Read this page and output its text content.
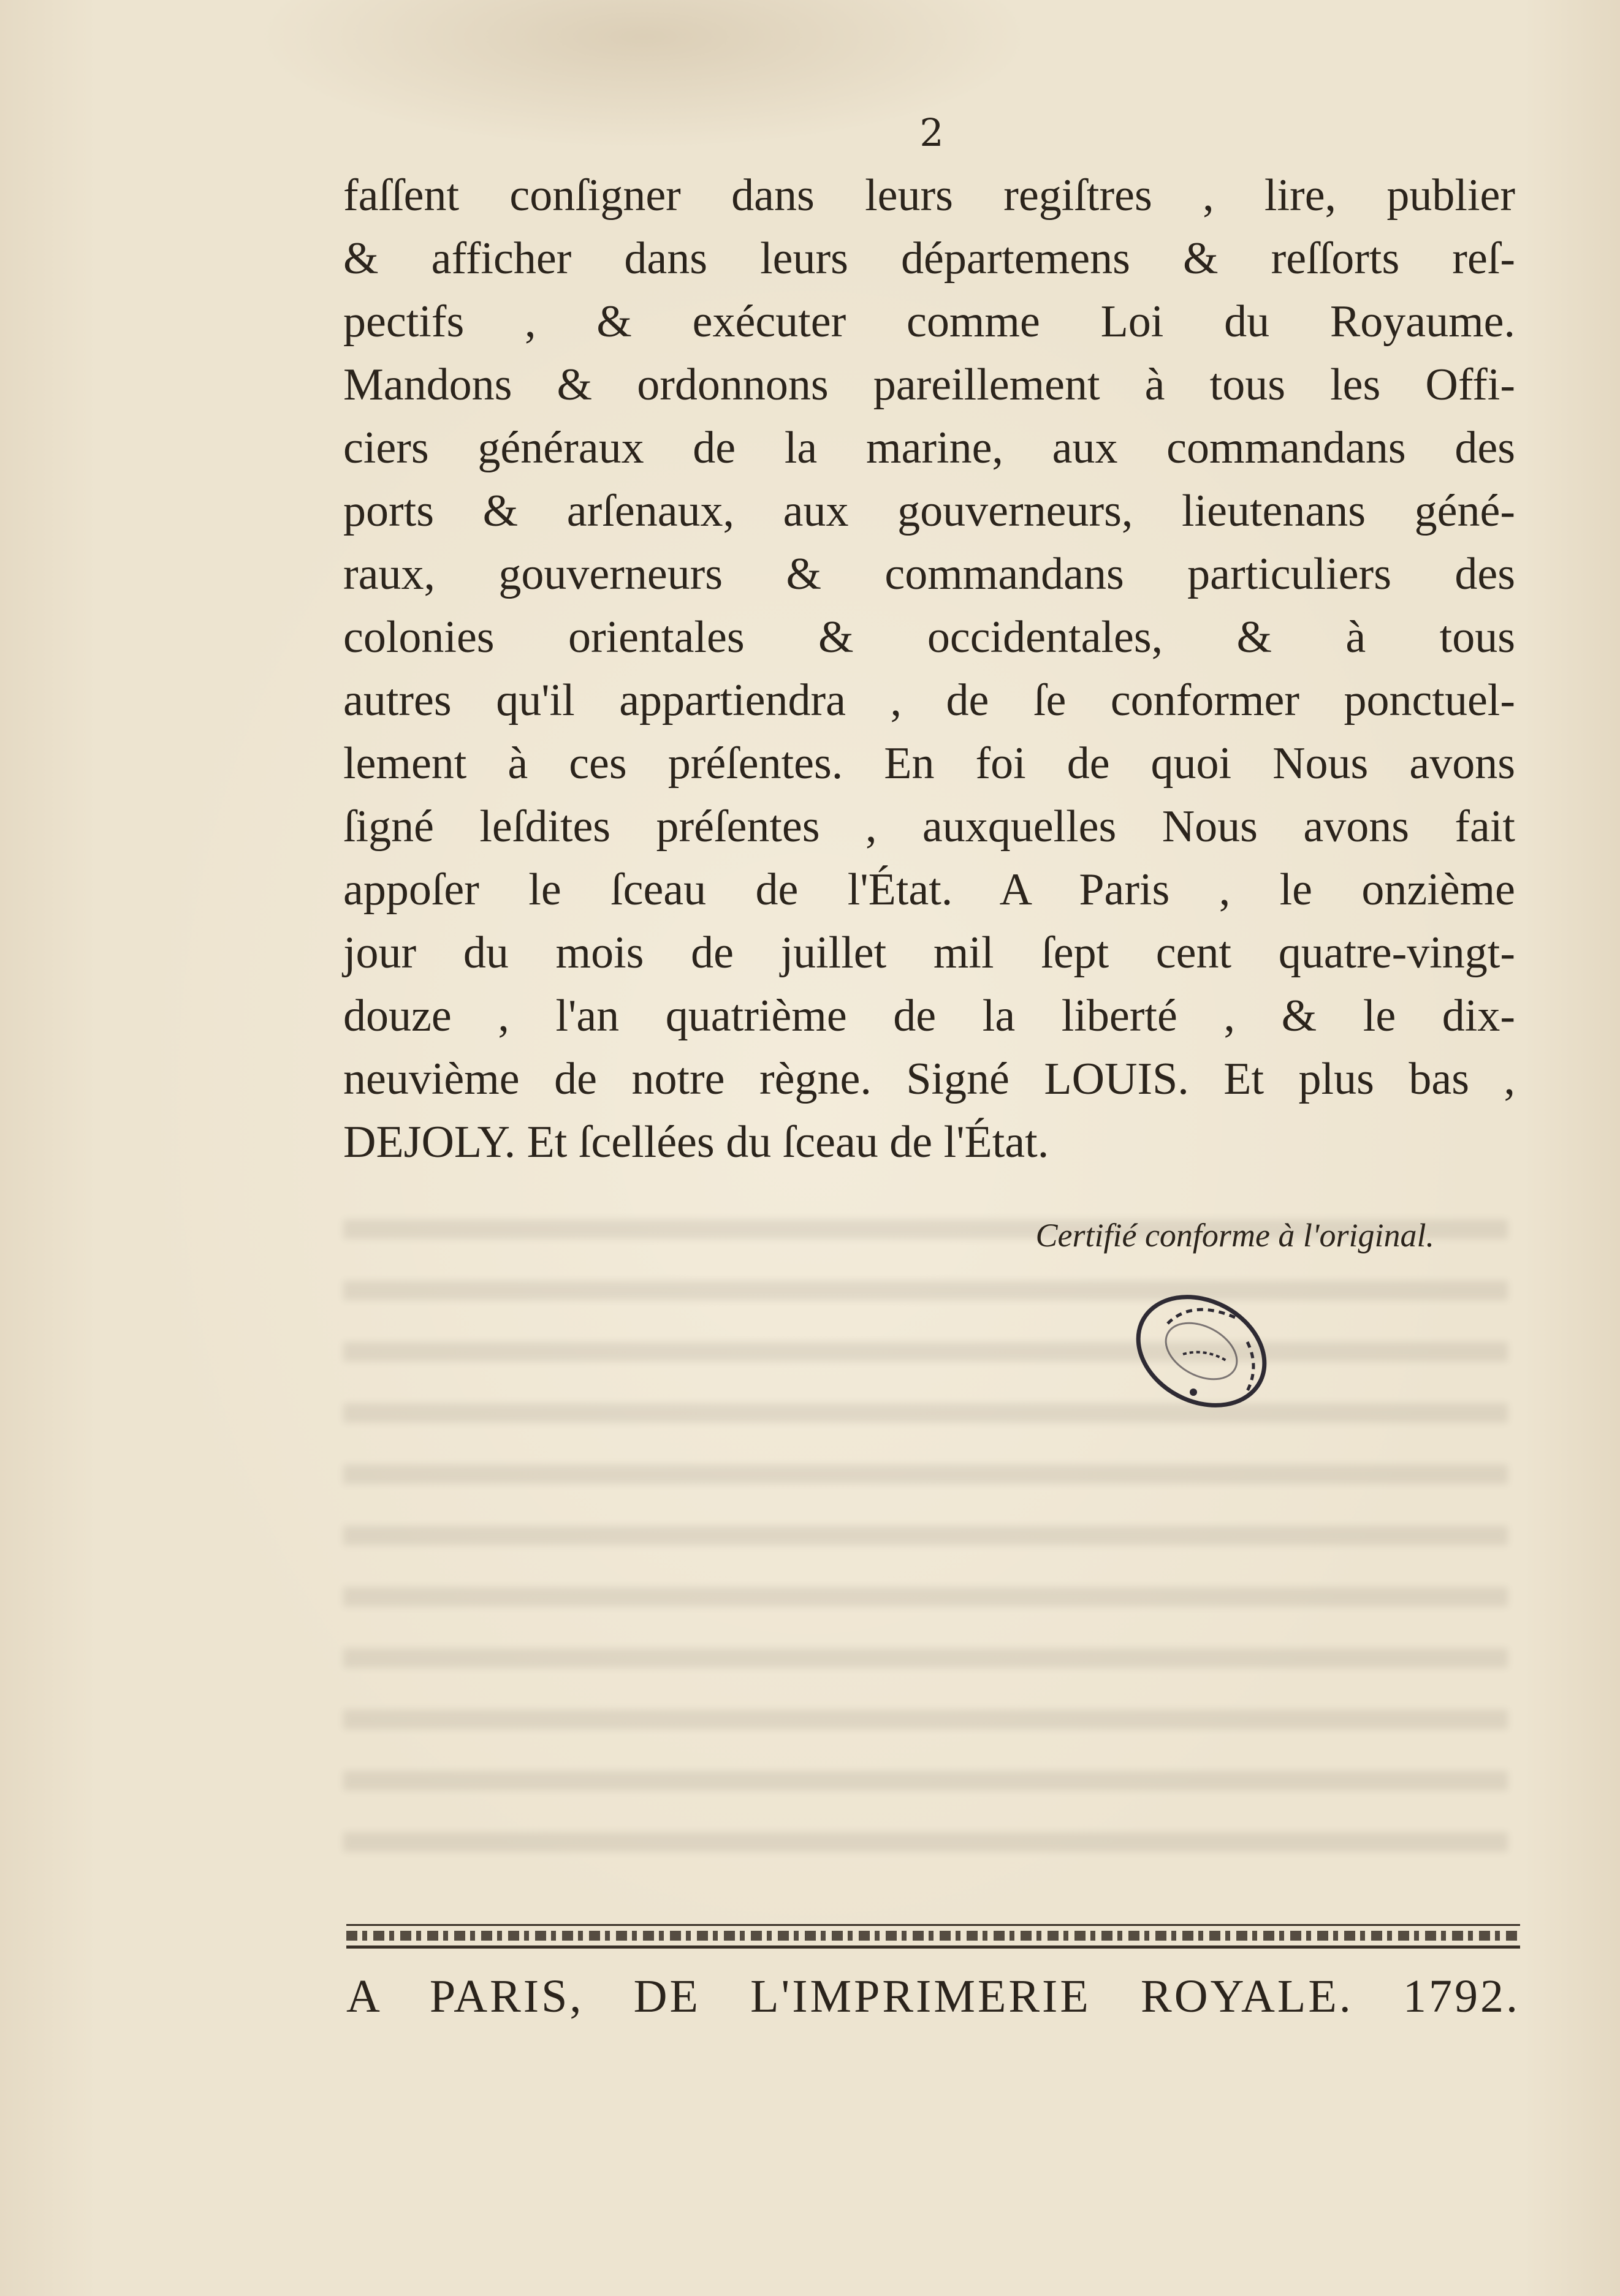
2
faſſent conſigner dans leurs regiſtres , lire, publier
& afficher dans leurs départemens & reſſorts reſ-
pectifs , & exécuter comme Loi du Royaume.
Mandons & ordonnons pareillement à tous les Offi-
ciers généraux de la marine, aux commandans des
ports & arſenaux, aux gouverneurs, lieutenans géné-
raux, gouverneurs & commandans particuliers des
colonies orientales & occidentales, & à tous
autres qu'il appartiendra , de ſe conformer ponctuel-
lement à ces préſentes. En foi de quoi Nous avons
ſigné leſdites préſentes , auxquelles Nous avons fait
appoſer le ſceau de l'État. A Paris , le onzième
jour du mois de juillet mil ſept cent quatre-vingt-
douze , l'an quatrième de la liberté , & le dix-
neuvième de notre règne. Signé LOUIS. Et plus bas ,
DEJOLY. Et ſcellées du ſceau de l'État.
Certifié conforme à l'original.
A PARIS, DE L'IMPRIMERIE ROYALE. 1792.
